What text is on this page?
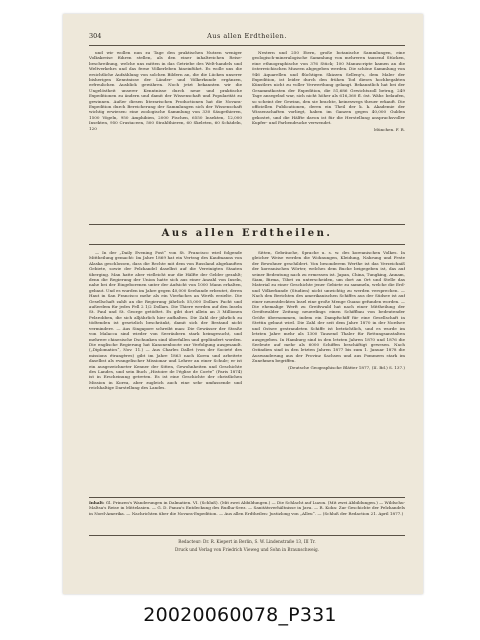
304	Aus allen Erdtheilen.

und wir wollen nun zu Tage den praktischen Nutzen weniger Volkskreise führen stellen, als den einer inhaltreichen Reise-beschreibung, welche uns mitten in das Getriebe des Welt-handels und Weltverkehrs und das ferne Völkerleben hineinführt. Es wolle uns die ersichtliche Aufzählung von solchen Bildern an, die die Lücken unserer bisherigen Kenntnisse der Länder- und Völkerkunde ergänzen, erfreulichen Ausblick gewähren. Noch jetzt bekannten wir die Ungelöstheit unserer Kenntnisse durch neue und praktische Expeditionen zu ändern und damit der Wissenschaft und Popularität zu gewinnen. Außer diesen literarischen Productionen hat die Novara-Expedition durch Bereicherung der Sammlungen sich der Wissenschaft wichtig erwiesen: eine zoologische Sammlung von 330 Säugethieren, 1500 Vögeln, 950 Amphibien, 2000 Fischen, 6550 Insekten, 12,000 Insekten, 950 Crustaceen, 500 Strahlthieren, 60 Skeleten, 60 Schädeln, 120

Nestern und 250 Eiern, große botanische Sammlungen, eine geologisch-mineralogische Sammlung von mehreren tausend Stücken, eine ethnographische von 376 Stück; 100 Manuscripte kamen an die österreichischen Museen abgegeben werden. Die schöne Sammlung von 946 Aquarellen und flüchtigen Skizzen Selleny's, dem Maler der Expedition, ist leider durch den frühen Tod dieses hochbegabten Künstlers nicht zu voller Verwerthung gelangt. Bekanntlich hat bei der Gesammtkosten der Expedition, die 51,686 Gewichtszoll betrug, 249 Tage ansegelnd war, sich nicht höher als 616,360 fl. öst. Währ. belaufen, so scheint der Gewinn, den sie brachte, keineswegs theuer erkauft. Die officiellen Publicationen, deren ein Theil der k. k. Akademie der Wissenschaften vorliegt, haben im Ganzen gegen 40,000 Gulden gekostet, und die Hälfte davon ist für die Herstellung anspruchsvoller Kupfer- und Farbendrucke verwendet.

München. F. R.
Aus allen Erdtheilen.

— In der „Daily Evening Post“ von St. Francisco wird folgende Mittheilung gemacht: Im Jahre 1869 hat ein Vertrag des Kaufmanns von Alaska geschlossen, dass die Rechte mit dem von Russland abgekauften Gebiete, sowie der Pelzhandel daselbst auf die Vereinigten Staaten überging. Man hatte aber vielleicht nur die Hälfte der Gelder gezahlt; denn die Regierung der Union hatte sich aus einer Anzahl von Inseln, nahe bei der Eingeborenen unter der Aufsicht von 1000 Mann erhalten, gebaut. Und es wurden im Jahre gegen 40,000 Seehunde erbeutet, deren Haut in San Francisco mehr als ein Vierfaches an Werth erzielte. Die Gesellschaft zahlt an die Regierung jährlich 55,000 Dollars Pacht und außerdem für jedes Fell 2 1/2 Dollars. Die Thiere werden auf den Inseln St. Paul und St. George getödtet. Es gibt dort allein an 3 Millionen Pelzrobben, die sich alljährlich hier aufhalten. Die Zahl der jährlich zu tödtenden ist gesetzlich beschränkt, damit sich der Bestand nicht vermindere. — Aus Singapore schreibt man: Die Gewässer der Straße von Malacca sind wieder von Seeräubern stark heimgesucht, und mehrere chinesische Dschunken sind überfallen und geplündert worden. Die englische Regierung hat Kanonenboote zur Verfolgung ausgesandt. („Diplomatics“, Nov. 11.) — Aus Charles Dallet (von der Societé des missions étrangères) gibt im Jahre 1863 nach Korea und arbeitete daselbst als evangelischer Missionar und Lehrer an einer Schule; er ist ein ausgezeichneter Kenner der Sitten, Gewohnheiten und Geschichte des Landes, und sein Buch „Histoire de l'église de Corée“ (Paris 1874) ist in Erscheinung getreten. Es ist eine Geschichte der christlichen Mission in Korea, aber zugleich auch eine sehr umfassende und reichhaltige Darstellung des Landes.

Sitten, Gebräuche, Sprache u. s. w. des koreanischen Volkes. In gleicher Weise werden die Wohnungen, Kleidung, Nahrung und Feste der Bewohner geschildert. Von besonderem Werthe ist das Verzeichniß der koreanischen Wörter, welches dem Buche beigegeben ist, das auf seiner Bedeutung nach zu ermessen ist. Japan, China, Tungking, Annam, Siam, Birma, Tibet zu unterscheiden, um dort an Ort und Stelle das Material zu einer Geschichte jener Gebiete zu sammeln, welche die Erd- und Völkerkunde (Studien) nicht unwichtig zu werden versprechen. — Nach den Berichten des amerikanischen Schiffes aus der Südsee ist auf einer neuentdeckten Insel eine große Menge Guano gefunden worden. — Die ehemalige Werft zu Greifswald hat nach einer Mittheilung der Greifswalder Zeitung neuerdings einen Schiffbau von bedeutender Größe übernommen, indem ein Dampfschiff für eine Gesellschaft in Stettin gebaut wird. Die Zahl der seit dem Jahre 1870 in der Nordsee und Ostsee gestrandeten Schiffe ist beträchtlich, und es wurde im letzten Jahre mehr als 1300 Tausend Thaler für Rettungsanstalten ausgegeben. In Hamburg sind in den letzten Jahren 1870 und 1876 die Seeleute auf mehr als 6000 Schiffen beschäftigt gewesen. Nach Ostindien sind in den letzten Jahren 1877 bis zum 1. Januar 1878 die Auswanderung aus der Provinz Sachsen und aus Pommern stark im Zunehmen begriffen.

(Deutsche Geographische Blätter 1877, (II. Bd.) S. 137.)
Inhalt: Gl. Prinzen's Wanderungen in Dalmatien. VI. (Schluß). (Mit zwei Abbildungen.) — Die Schlacht auf Luzon. (Mit zwei Abbildungen.) — Wildschu-Maltsa's Reise in Mittelasien. — G. D. Panza's Entdeckung des Rudha-Seez. — Sanitätsverhältnisse in Java. — R. Kohn: Zur Geschichte der Pelzhandels in Nord-Amerika. — Nachrichten über die Novara-Expedition. — Aus allen Erdtheilen: Justizlong von „Alleu“. — (Schluß der Redaction 21. April 1877.)
Redacteur: Dr. R. Kiepert in Berlin, S. W. Lindenstraße 13, III Tr.
Druck und Verlag von Friedrich Vieweg und Sohn in Braunschweig.
20020060078_P331
